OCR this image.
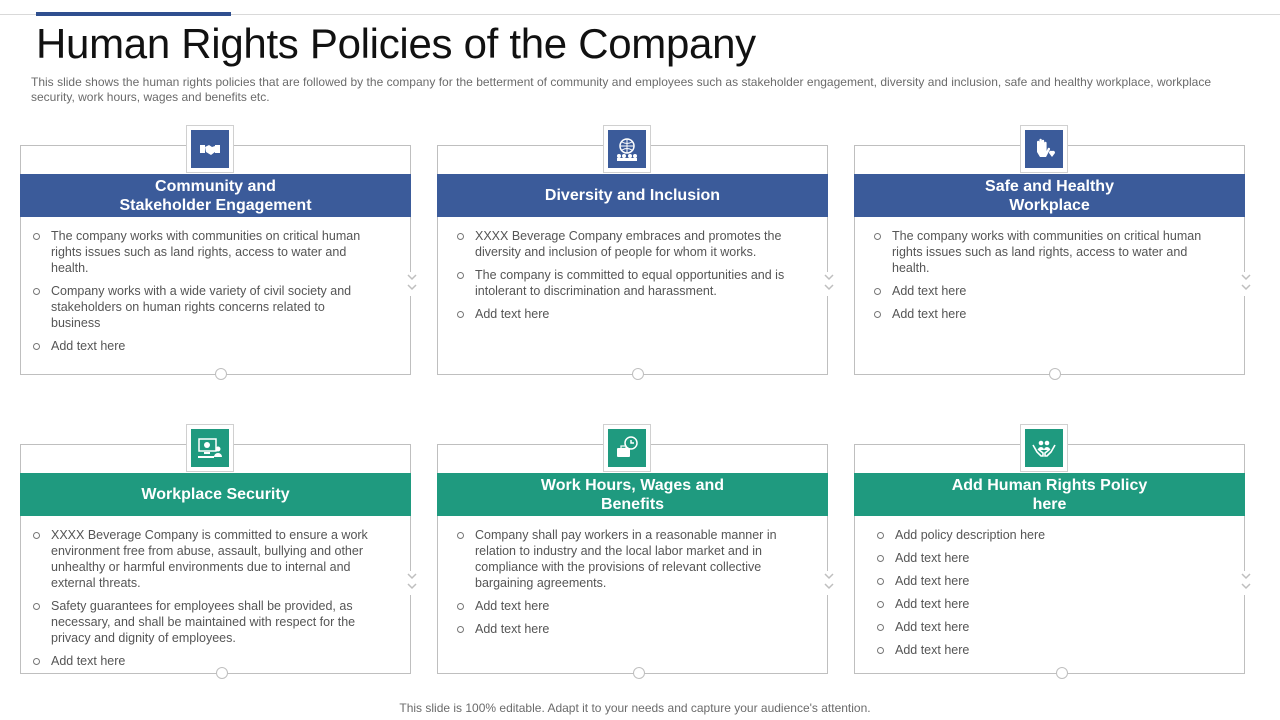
Human Rights Policies of the Company

This slide shows the human rights policies that are followed by the company for the betterment of community and employees such as stakeholder engagement, diversity and inclusion, safe and healthy workplace, workplace security, work hours, wages and benefits etc.

Community and Stakeholder Engagement
The company works with communities on critical human rights issues such as land rights, access to water and health.
Company works with a wide variety of civil society and stakeholders on human rights concerns related to business
Add text here
Diversity and Inclusion
XXXX Beverage Company embraces and promotes the diversity and inclusion of people for whom it works.
The company is committed to equal opportunities and is intolerant to discrimination and harassment.
Add text here
Safe and Healthy Workplace
The company works with communities on critical human rights issues such as land rights, access to water and health.
Add text here
Add text here
Workplace Security
XXXX Beverage Company is committed to ensure a work environment free from abuse, assault, bullying and other unhealthy or harmful environments due to internal and external threats.
Safety guarantees for employees shall be provided, as necessary, and shall be maintained with respect for the privacy and dignity of employees.
Add text here
Work Hours, Wages and Benefits
Company shall pay workers in a reasonable manner in relation to industry and the local labor market and in compliance with the provisions of relevant collective bargaining agreements.
Add text here
Add text here
Add Human Rights Policy here
Add policy description here
Add text here
Add text here
Add text here
Add text here
Add text here
This slide is 100% editable. Adapt it to your needs and capture your audience's attention.
